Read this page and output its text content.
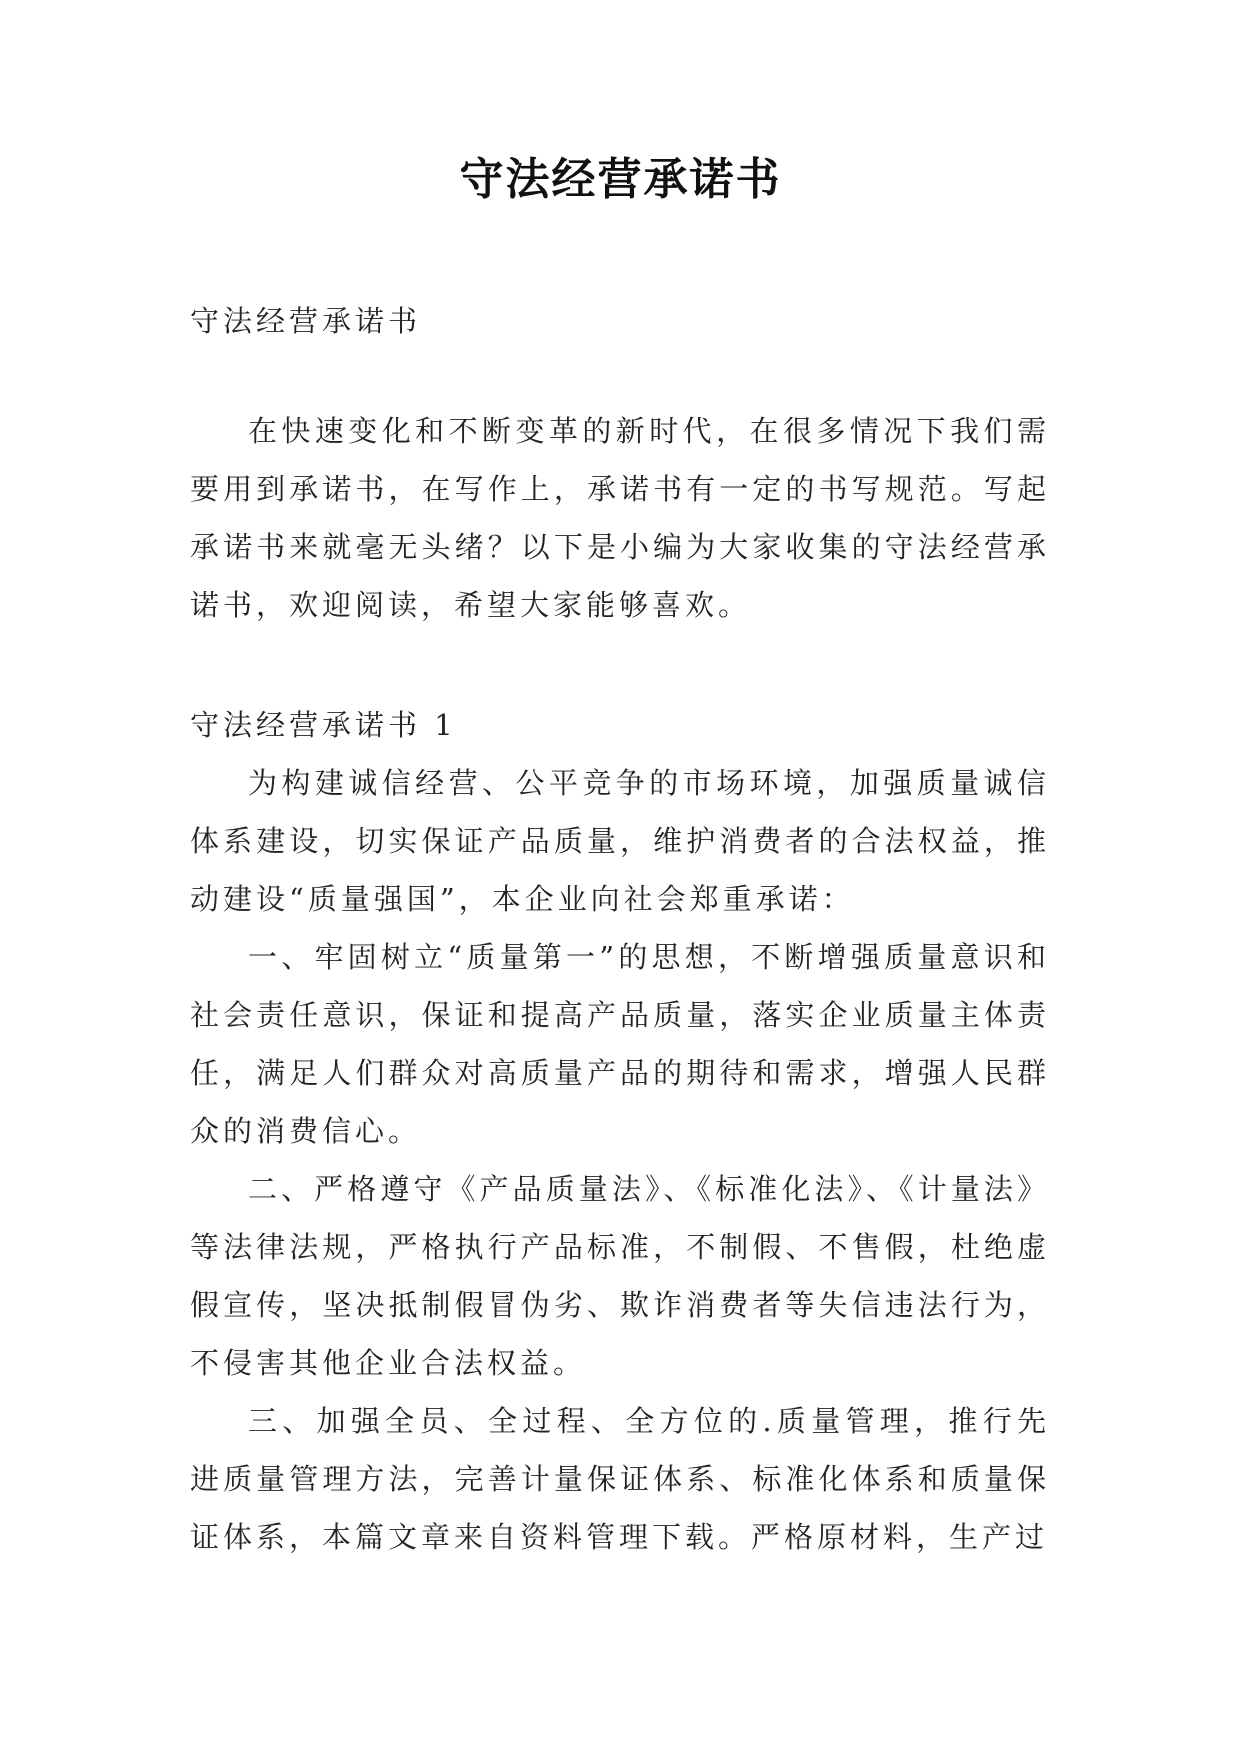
守法经营承诺书

守法经营承诺书

在快速变化和不断变革的新时代，在很多情况下我们需要用到承诺书，在写作上，承诺书有一定的书写规范。写起承诺书来就毫无头绪？以下是小编为大家收集的守法经营承诺书，欢迎阅读，希望大家能够喜欢。

守法经营承诺书 1

为构建诚信经营、公平竞争的市场环境，加强质量诚信体系建设，切实保证产品质量，维护消费者的合法权益，推动建设“质量强国”，本企业向社会郑重承诺：

一、牢固树立“质量第一”的思想，不断增强质量意识和社会责任意识，保证和提高产品质量，落实企业质量主体责任，满足人们群众对高质量产品的期待和需求，增强人民群众的消费信心。

二、严格遵守《产品质量法》、《标准化法》、《计量法》等法律法规，严格执行产品标准，不制假、不售假，杜绝虚假宣传，坚决抵制假冒伪劣、欺诈消费者等失信违法行为，不侵害其他企业合法权益。

三、加强全员、全过程、全方位的.质量管理，推行先进质量管理方法，完善计量保证体系、标准化体系和质量保证体系，本篇文章来自资料管理下载。严格原材料，生产过
